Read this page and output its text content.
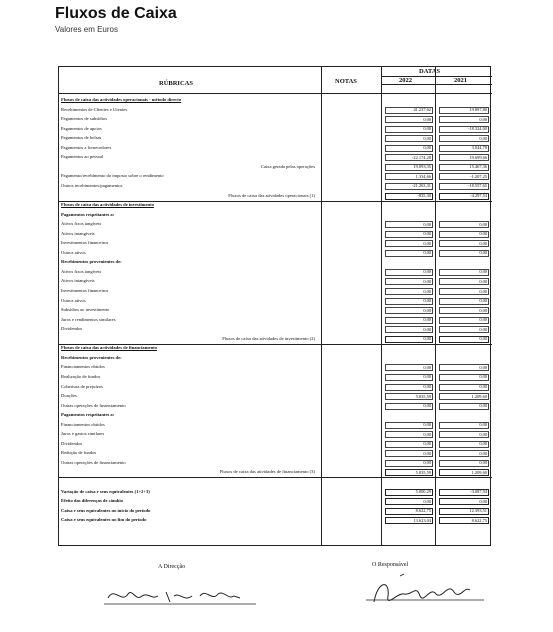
Fluxos de Caixa
Valores em Euros
RÚBRICAS	NOTAS
DATAS
2022	2021
Fluxos de caixa das actividades operacionais - método directo
Recebimentos de Clientes e Utentes	41.237,62	19.887,80
Pagamentos de subsídios	0,00	0,00
Pagamentos de apoios	0,00	-18.324,00
Pagamentos de bolsas	0,00	0,00
Pagamentos a fornecedores	0,00	3.044,78
Pagamentos ao pessoal	-22.174,28	19.699,66
Caixa gerada pelas operações	19.093,35	15.467,36
Pagamento/recebimento do imposto sobre o rendimento	1.334,66	-1.207,25
Outros recebimentos/pagamentos	-21.263,31	-18.557,65
Fluxos de caixa das atividades operacionais (1)	-835,30	-4.297,54
Fluxos de caixa das actividades de investimento
Pagamentos respeitantes a:
Ativos fixos tangíveis	0,00	0,00
Ativos intangíveis	0,00	0,00
Investimentos financeiros	0,00	0,00
Outros ativos	0,00	0,00
Recebimentos provenientes de:
Ativos fixos tangíveis	0,00	0,00
Ativos intangíveis	0,00	0,00
Investimentos financeiros	0,00	0,00
Outros ativos	0,00	0,00
Subsídios ao investimento	0,00	0,00
Juros e rendimentos similares	0,00	0,00
Dividendos	0,00	0,00
Fluxos de caixa das atividades de investimento (2)	0,00	0,00
Fluxos de caixa das actividades de financiamento
Recebimentos provenientes de:
Financiamentos obtidos	0,00	0,00
Realização de fundos	0,00	0,00
Cobertura de prejuízos	0,00	0,00
Doações	5.835,59	1.209,60
Outras operações de financiamento	0,00	0,00
Pagamentos respeitantes a:
Financiamentos obtidos	0,00	0,00
Juros e gastos similares	0,00	0,00
Dividendos	0,00	0,00
Redução de fundos	0,00	0,00
Outras operações de financiamento	0,00	0,00
Fluxos de caixa das atividades de financiamento (3)	5.835,59	1.209,60
Variação de caixa e seus equivalentes (1+2+3)	5.000,29	-3.087,94
Efeito das diferenças de câmbio	0,00	0,00
Caixa e seus equivalentes no início do período	8.622,75	12.393,51
Caixa e seus equivalentes no fim do período	13.623,04	8.622,75
A Direcção	O Responsável
